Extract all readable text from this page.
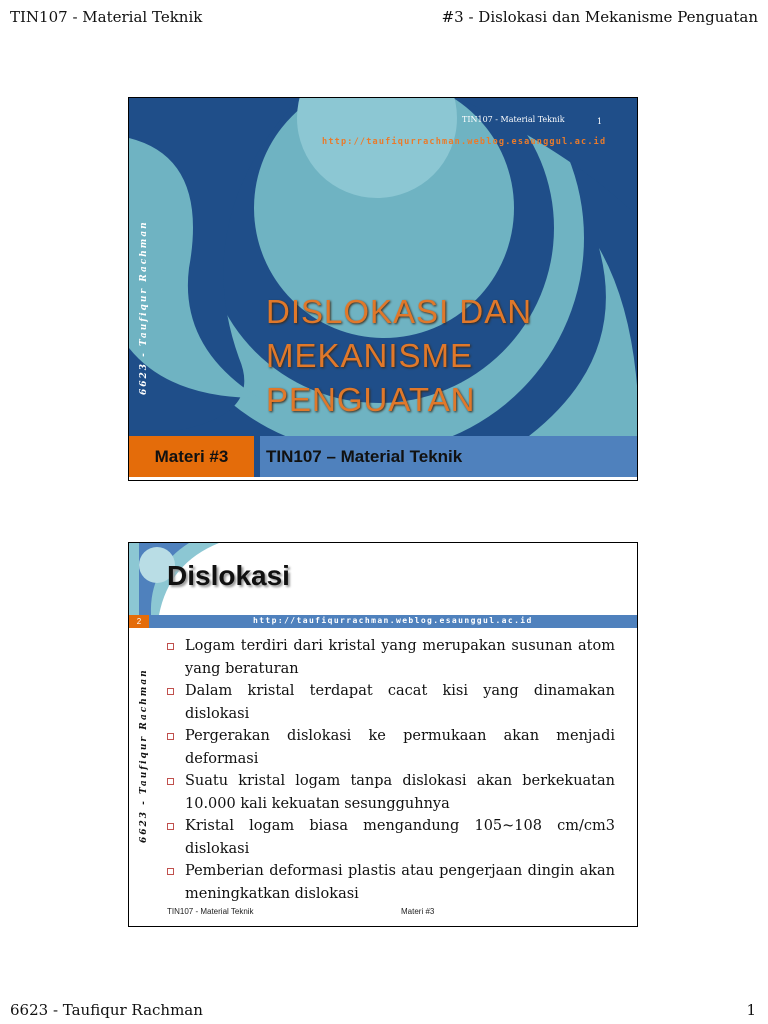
TIN107 - Material Teknik	#3 - Dislokasi dan Mekanisme Penguatan
TIN107 - Material Teknik	1
http://taufiqurrachman.weblog.esaunggul.ac.id
6623 - Taufiqur Rachman	DISLOKASI DAN
MEKANISME
PENGUATAN
Materi #3	TIN107 – Material Teknik
Dislokasi
http://taufiqurrachman.weblog.esaunggul.ac.id
2
6623 - Taufiqur Rachman
Logam terdiri dari kristal yang merupakan susunan atom yang beraturan
Dalam kristal terdapat cacat kisi yang dinamakan dislokasi
Pergerakan dislokasi ke permukaan akan menjadi deformasi
Suatu kristal logam tanpa dislokasi akan berkekuatan 10.000 kali kekuatan sesungguhnya
Kristal logam biasa mengandung 105~108 cm/cm3 dislokasi
Pemberian deformasi plastis atau pengerjaan dingin akan meningkatkan dislokasi
TIN107 - Material Teknik	Materi #3
6623 - Taufiqur Rachman	1
